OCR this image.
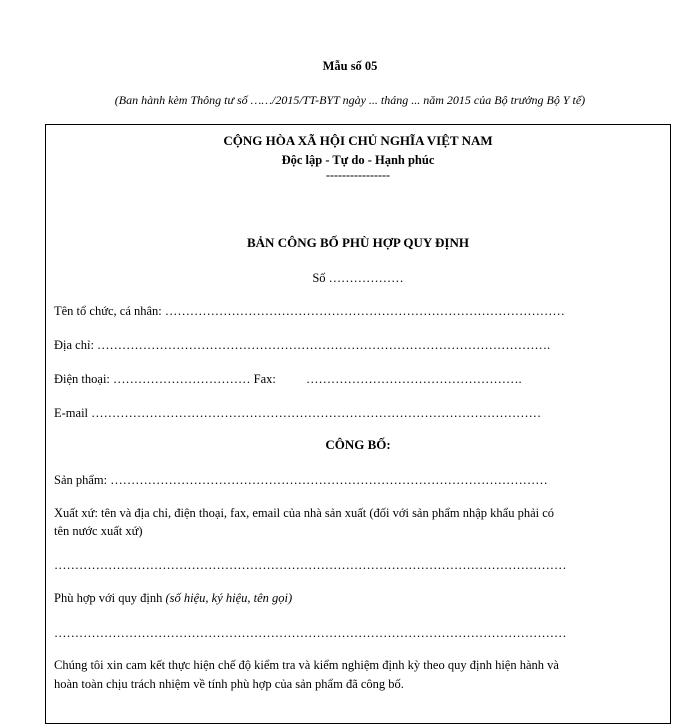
Mẫu số 05
(Ban hành kèm Thông tư số ……/2015/TT-BYT ngày ... tháng ... năm 2015 của Bộ trưởng Bộ Y tế)
CỘNG HÒA XÃ HỘI CHỦ NGHĨA VIỆT NAM
Độc lập - Tự do - Hạnh phúc
----------------
BẢN CÔNG BỐ PHÙ HỢP QUY ĐỊNH
Số ………………
Tên tổ chức, cá nhân: ……………………………………………………………………………………
Địa chỉ: ……………………………………………………………………………………………….
Điện thoại: …………………………… Fax: …………………………………………….
E-mail ………………………………………………………………………………………………
CÔNG BỐ:
Sản phẩm: ……………………………………………………………………………………………
Xuất xứ: tên và địa chỉ, điện thoại, fax, email của nhà sản xuất (đối với sản phẩm nhập khẩu phải có
tên nước xuất xứ)
……………………………………………………………………………………………………………
Phù hợp với quy định (số hiệu, ký hiệu, tên gọi)
……………………………………………………………………………………………………………
Chúng tôi xin cam kết thực hiện chế độ kiểm tra và kiểm nghiệm định kỳ theo quy định hiện hành và
hoàn toàn chịu trách nhiệm về tính phù hợp của sản phẩm đã công bố.
